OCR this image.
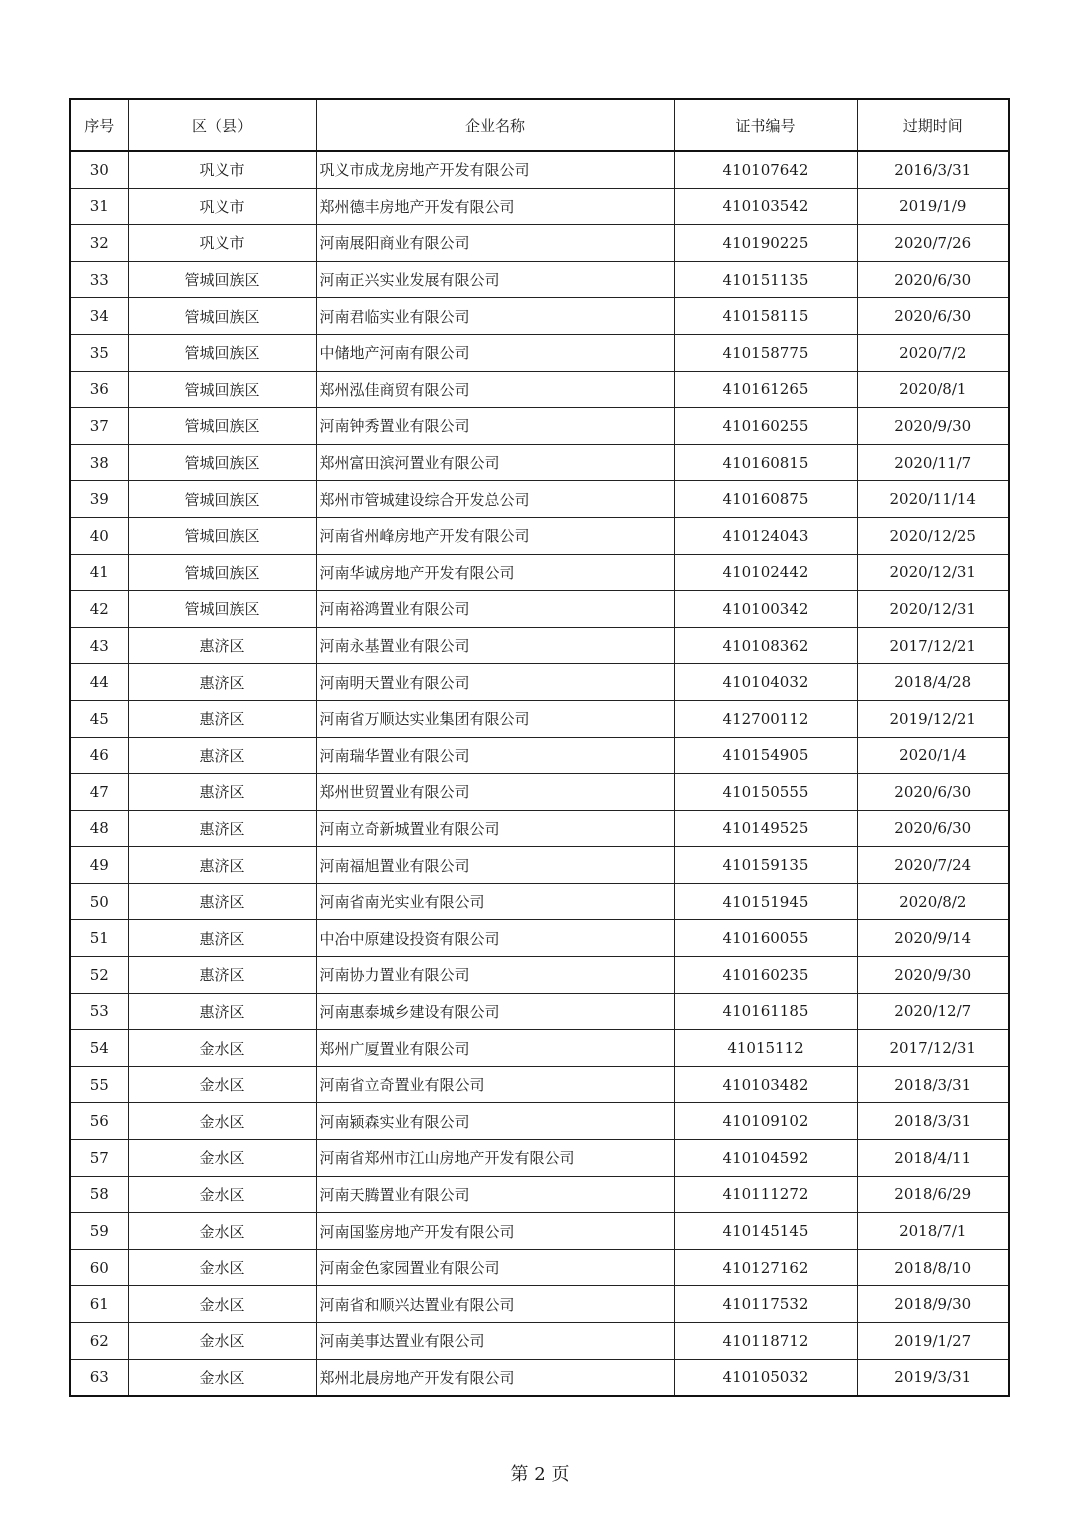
序号	区（县）	企业名称	证书编号	过期时间
30	巩义市	巩义市成龙房地产开发有限公司	410107642	2016/3/31
31	巩义市	郑州德丰房地产开发有限公司	410103542	2019/1/9
32	巩义市	河南展阳商业有限公司	410190225	2020/7/26
33	管城回族区	河南正兴实业发展有限公司	410151135	2020/6/30
34	管城回族区	河南君临实业有限公司	410158115	2020/6/30
35	管城回族区	中储地产河南有限公司	410158775	2020/7/2
36	管城回族区	郑州泓佳商贸有限公司	410161265	2020/8/1
37	管城回族区	河南钟秀置业有限公司	410160255	2020/9/30
38	管城回族区	郑州富田滨河置业有限公司	410160815	2020/11/7
39	管城回族区	郑州市管城建设综合开发总公司	410160875	2020/11/14
40	管城回族区	河南省州峰房地产开发有限公司	410124043	2020/12/25
41	管城回族区	河南华诚房地产开发有限公司	410102442	2020/12/31
42	管城回族区	河南裕鸿置业有限公司	410100342	2020/12/31
43	惠济区	河南永基置业有限公司	410108362	2017/12/21
44	惠济区	河南明天置业有限公司	410104032	2018/4/28
45	惠济区	河南省万顺达实业集团有限公司	412700112	2019/12/21
46	惠济区	河南瑞华置业有限公司	410154905	2020/1/4
47	惠济区	郑州世贸置业有限公司	410150555	2020/6/30
48	惠济区	河南立奇新城置业有限公司	410149525	2020/6/30
49	惠济区	河南福旭置业有限公司	410159135	2020/7/24
50	惠济区	河南省南光实业有限公司	410151945	2020/8/2
51	惠济区	中冶中原建设投资有限公司	410160055	2020/9/14
52	惠济区	河南协力置业有限公司	410160235	2020/9/30
53	惠济区	河南惠泰城乡建设有限公司	410161185	2020/12/7
54	金水区	郑州广厦置业有限公司	41015112	2017/12/31
55	金水区	河南省立奇置业有限公司	410103482	2018/3/31
56	金水区	河南颍森实业有限公司	410109102	2018/3/31
57	金水区	河南省郑州市江山房地产开发有限公司	410104592	2018/4/11
58	金水区	河南天腾置业有限公司	410111272	2018/6/29
59	金水区	河南国鉴房地产开发有限公司	410145145	2018/7/1
60	金水区	河南金色家园置业有限公司	410127162	2018/8/10
61	金水区	河南省和顺兴达置业有限公司	410117532	2018/9/30
62	金水区	河南美事达置业有限公司	410118712	2019/1/27
63	金水区	郑州北晨房地产开发有限公司	410105032	2019/3/31
第 2 页
